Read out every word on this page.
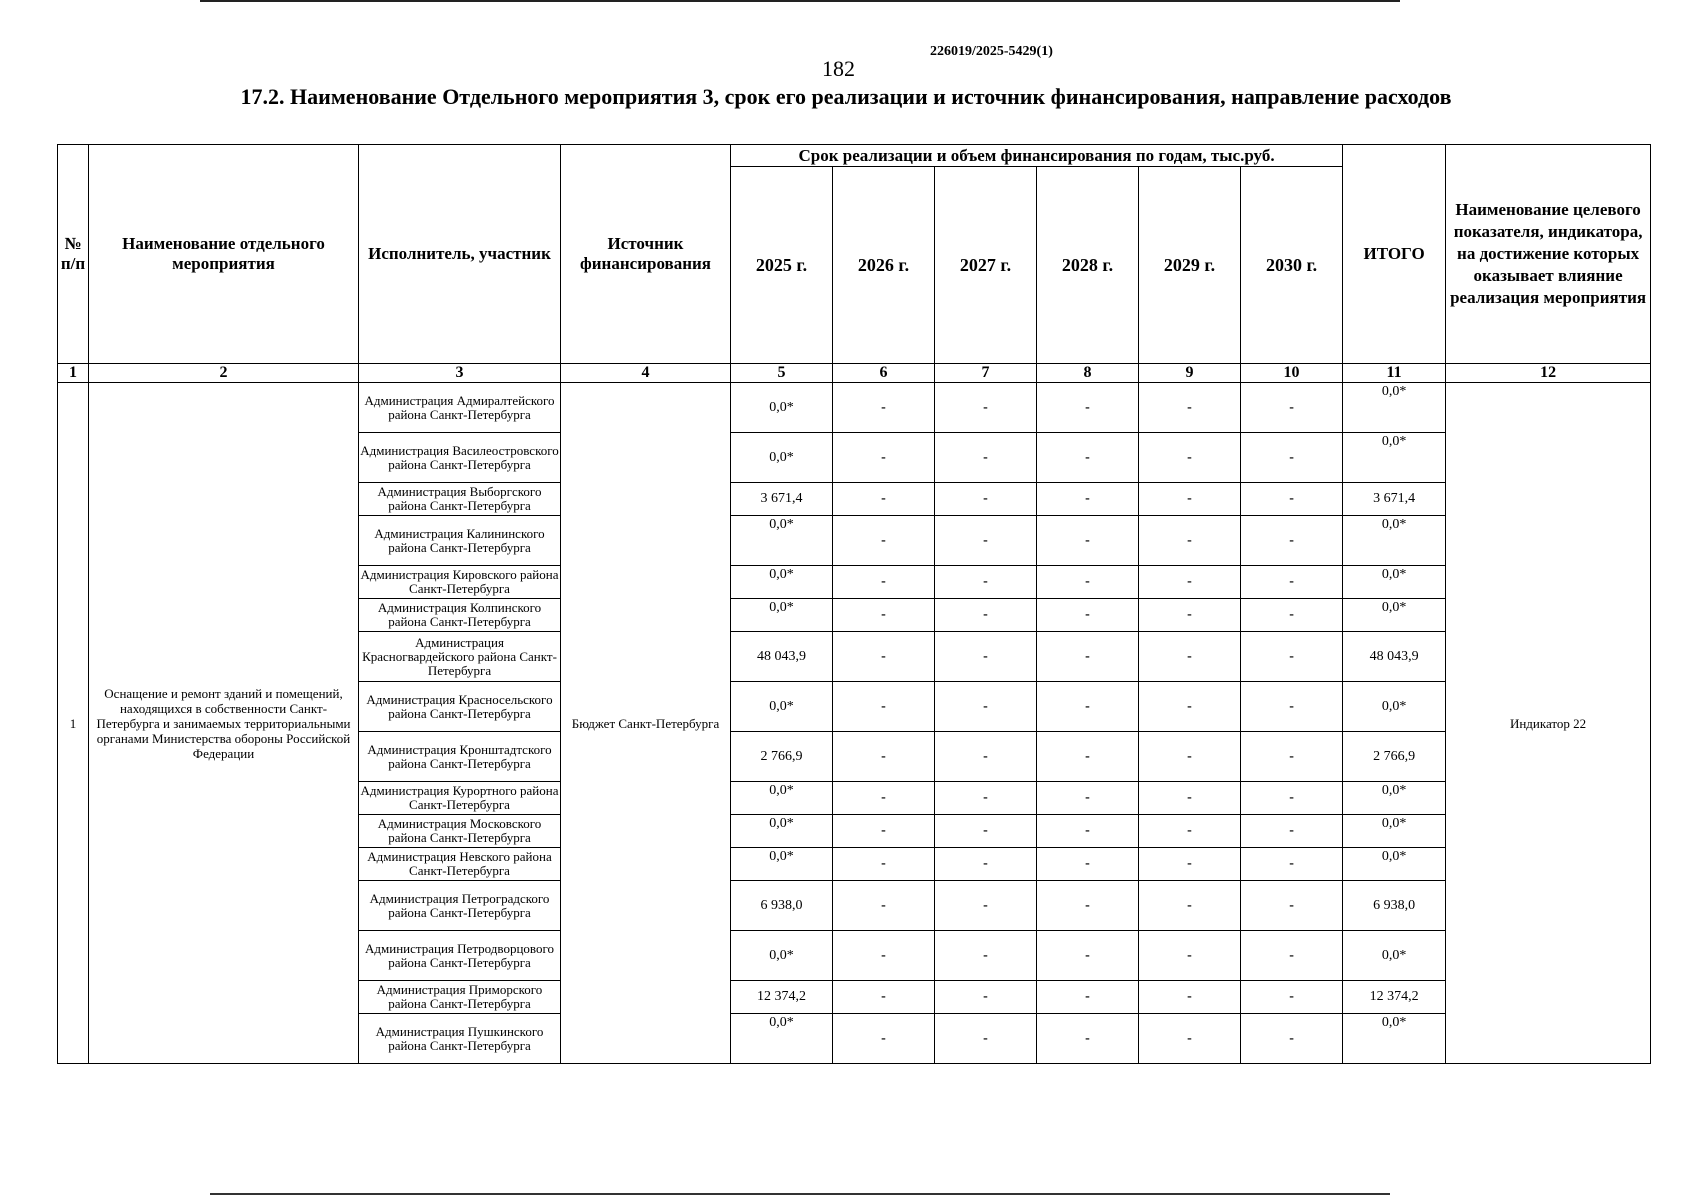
226019/2025-5429(1)
182
17.2. Наименование Отдельного мероприятия 3, срок его реализации и источник финансирования, направление расходов
№ п/п	Наименование отдельного мероприятия	Исполнитель, участник	Источник финансирования	Срок реализации и объем финансирования по годам, тыс.руб.						ИТОГО	Наименование целевого показателя, индикатора, на достижение которых оказывает влияние реализация мероприятия
				2025 г.	2026 г.	2027 г.	2028 г.	2029 г.	2030 г.		
1	2	3	4	5	6	7	8	9	10	11	12
1	Оснащение и ремонт зданий и помещений, находящихся в собственности Санкт-Петербурга и занимаемых территориальными органами Министерства обороны Российской Федерации	Администрация Адмиралтейского района Санкт-Петербурга	Бюджет Санкт-Петербурга	0,0*	-	-	-	-	-	0,0*	Индикатор 22
		Администрация Василеостровского района Санкт-Петербурга		0,0*	-	-	-	-	-	0,0*	
		Администрация Выборгского района Санкт-Петербурга		3 671,4	-	-	-	-	-	3 671,4	
		Администрация Калининского района Санкт-Петербурга		0,0*	-	-	-	-	-	0,0*	
		Администрация Кировского района Санкт-Петербурга		0,0*	-	-	-	-	-	0,0*	
		Администрация Колпинского района Санкт-Петербурга		0,0*	-	-	-	-	-	0,0*	
		Администрация Красногвардейского района Санкт-Петербурга		48 043,9	-	-	-	-	-	48 043,9	
		Администрация Красносельского района Санкт-Петербурга		0,0*	-	-	-	-	-	0,0*	
		Администрация Кронштадтского района Санкт-Петербурга		2 766,9	-	-	-	-	-	2 766,9	
		Администрация Курортного района Санкт-Петербурга		0,0*	-	-	-	-	-	0,0*	
		Администрация Московского района Санкт-Петербурга		0,0*	-	-	-	-	-	0,0*	
		Администрация Невского района Санкт-Петербурга		0,0*	-	-	-	-	-	0,0*	
		Администрация Петроградского района Санкт-Петербурга		6 938,0	-	-	-	-	-	6 938,0	
		Администрация Петродворцового района Санкт-Петербурга		0,0*	-	-	-	-	-	0,0*	
		Администрация Приморского района Санкт-Петербурга		12 374,2	-	-	-	-	-	12 374,2	
		Администрация Пушкинского района Санкт-Петербурга		0,0*	-	-	-	-	-	0,0*	
